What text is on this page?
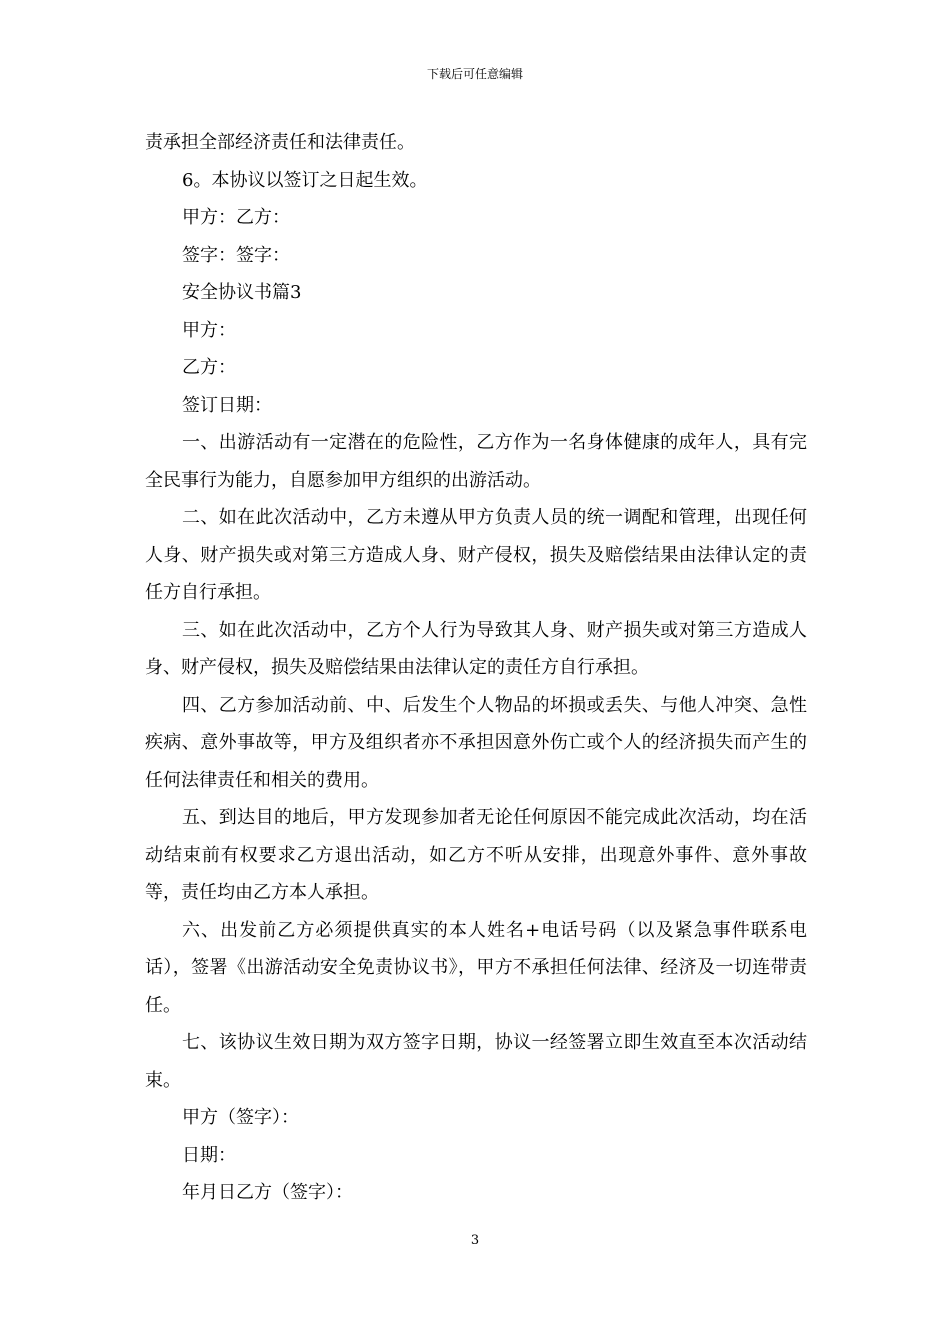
下载后可任意编辑

责承担全部经济责任和法律责任。

6。本协议以签订之日起生效。

甲方：乙方：

签字：签字：

安全协议书篇3

甲方：

乙方：

签订日期：

一、出游活动有一定潜在的危险性，乙方作为一名身体健康的成年人，具有完全民事行为能力，自愿参加甲方组织的出游活动。

二、如在此次活动中，乙方未遵从甲方负责人员的统一调配和管理，出现任何人身、财产损失或对第三方造成人身、财产侵权，损失及赔偿结果由法律认定的责任方自行承担。

三、如在此次活动中，乙方个人行为导致其人身、财产损失或对第三方造成人身、财产侵权，损失及赔偿结果由法律认定的责任方自行承担。

四、乙方参加活动前、中、后发生个人物品的坏损或丢失、与他人冲突、急性疾病、意外事故等，甲方及组织者亦不承担因意外伤亡或个人的经济损失而产生的任何法律责任和相关的费用。

五、到达目的地后，甲方发现参加者无论任何原因不能完成此次活动，均在活动结束前有权要求乙方退出活动，如乙方不听从安排，出现意外事件、意外事故等，责任均由乙方本人承担。

六、出发前乙方必须提供真实的本人姓名+电话号码（以及紧急事件联系电话），签署《出游活动安全免责协议书》，甲方不承担任何法律、经济及一切连带责任。

七、该协议生效日期为双方签字日期，协议一经签署立即生效直至本次活动结束。

甲方（签字）：

日期：

年月日乙方（签字）：

3
